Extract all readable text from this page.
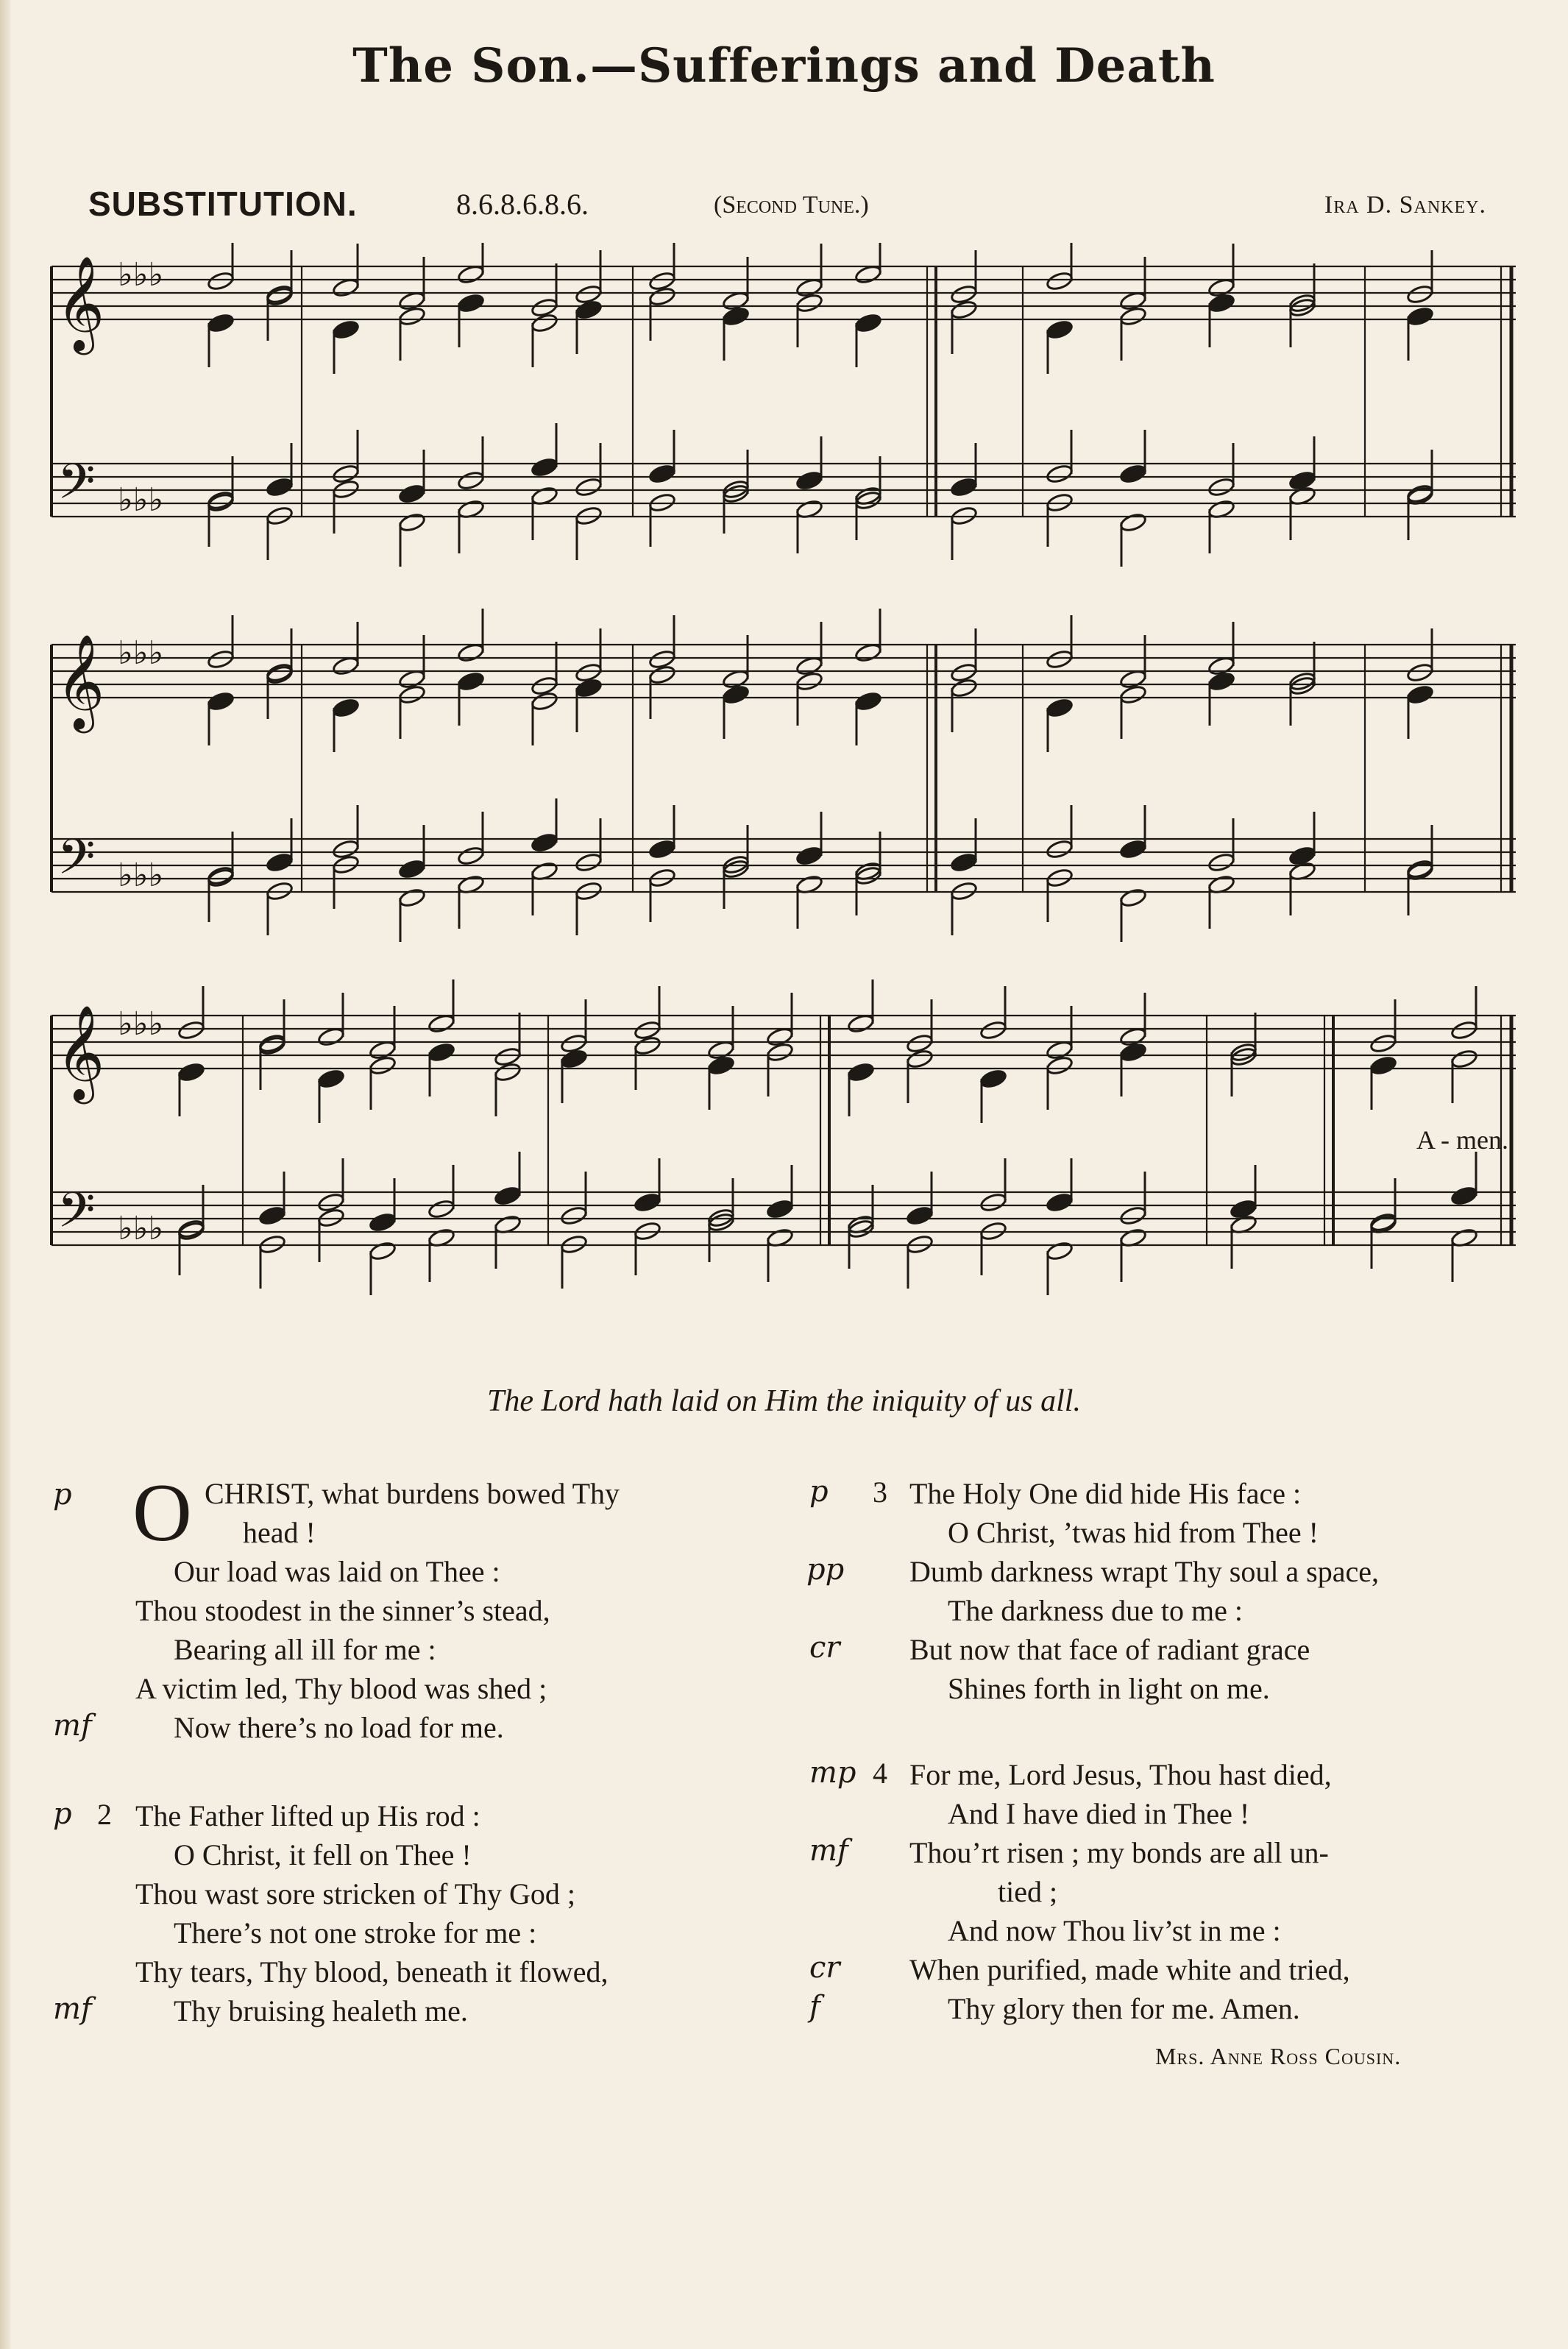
The Son.—Sufferings and Death
SUBSTITUTION.	8.6.8.6.8.6.	(Second Tune.)	Ira D. Sankey.
𝄞
𝄢
𝄞
𝄢
𝄞
𝄢
♭♭♭
♭♭♭
♭♭♭
♭♭♭
♭♭♭
♭♭♭
A - men.
The Lord hath laid on Him the iniquity of us all.
p O CHRIST, what burdens bowed Thy
head !
Our load was laid on Thee :
Thou stoodest in the sinner’s stead,
Bearing all ill for me :
A victim led, Thy blood was shed ;
mf	Now there’s no load for me.
p 2 The Father lifted up His rod :
O Christ, it fell on Thee !
Thou wast sore stricken of Thy God ;
There’s not one stroke for me :
Thy tears, Thy blood, beneath it flowed,
mf	Thy bruising healeth me.
p 3 The Holy One did hide His face :
O Christ, ’twas hid from Thee !
pp Dumb darkness wrapt Thy soul a space,
The darkness due to me :
cr But now that face of radiant grace
Shines forth in light on me.
mp 4 For me, Lord Jesus, Thou hast died,
And I have died in Thee !
mf Thou’rt risen ; my bonds are all un-
tied ;
And now Thou liv’st in me :
cr When purified, made white and tried,
f	Thy glory then for me. Amen.
Mrs. Anne Ross Cousin.
